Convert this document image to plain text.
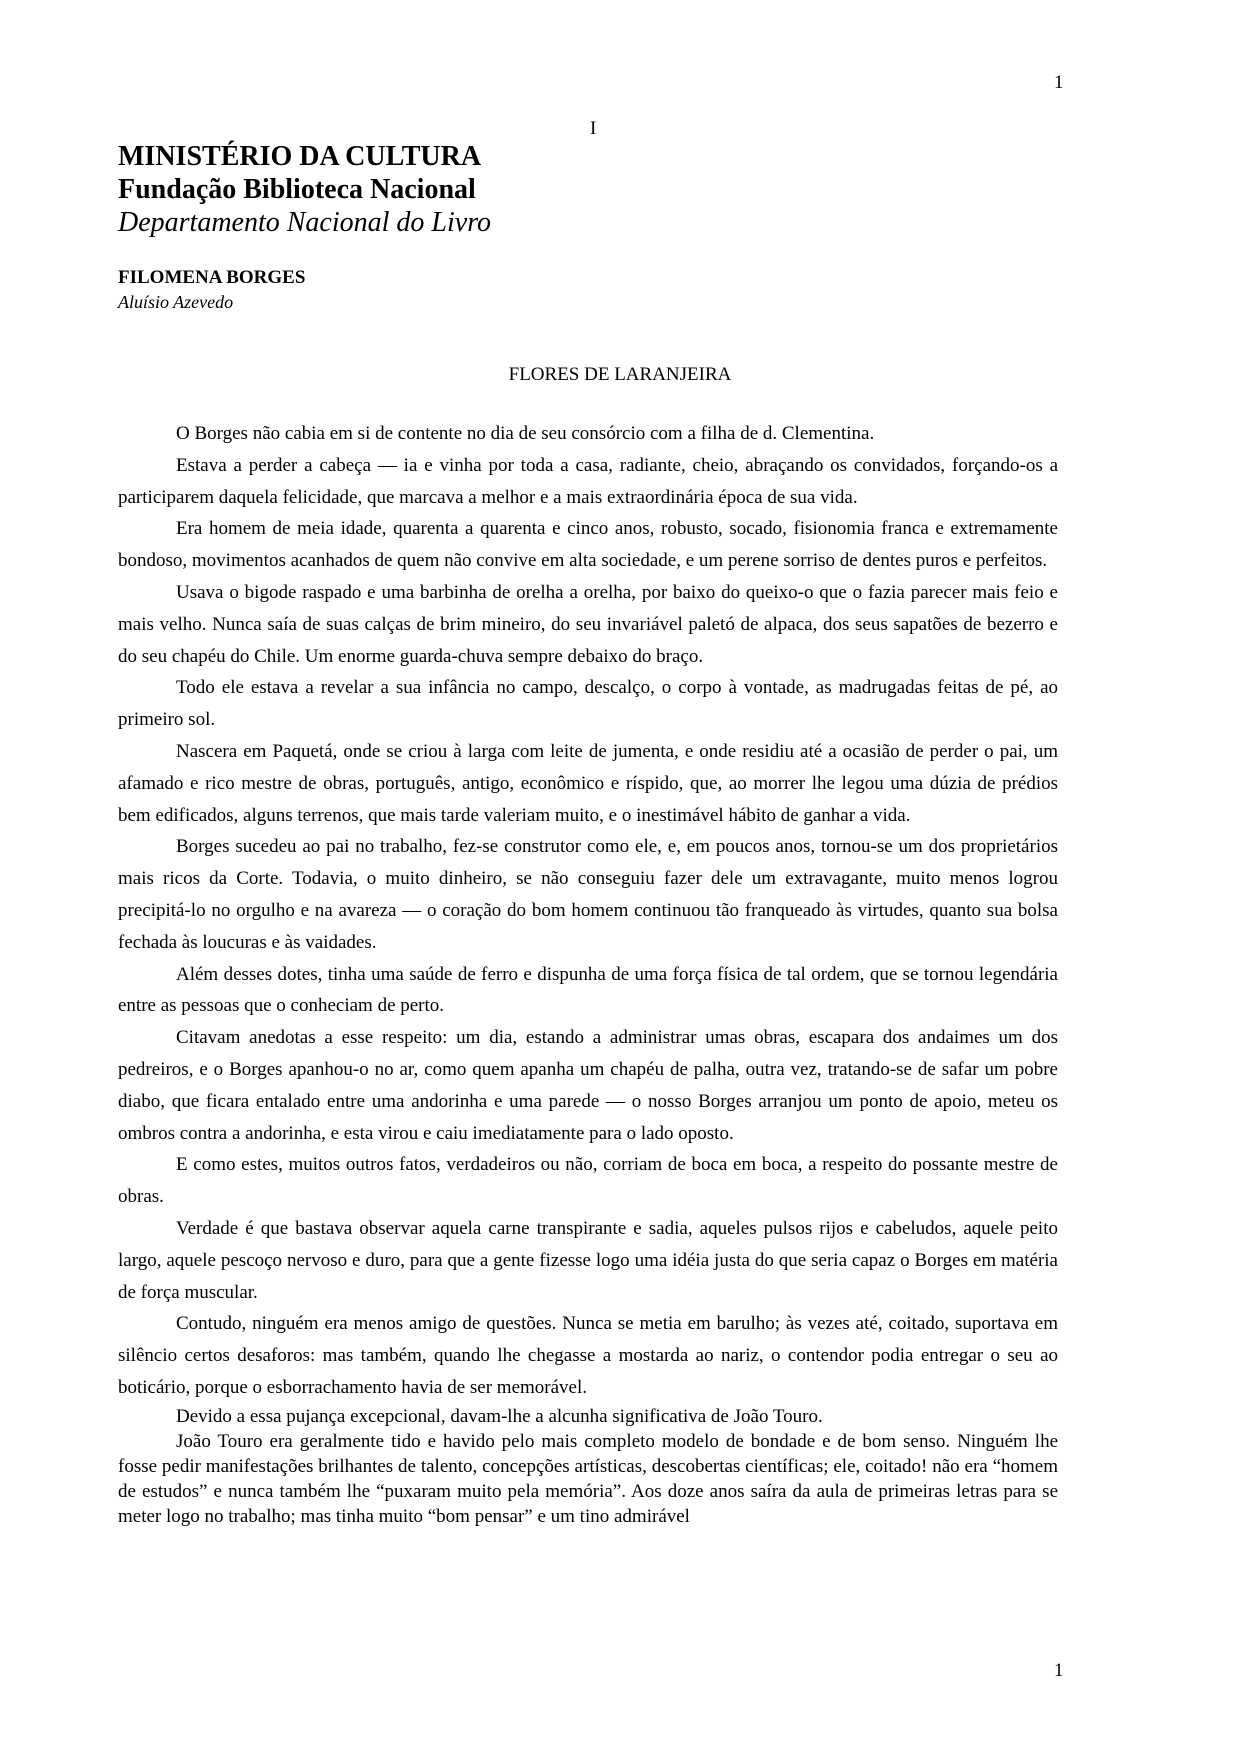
1
I
MINISTÉRIO DA CULTURA
Fundação Biblioteca Nacional
Departamento Nacional do Livro
FILOMENA BORGES
Aluísio Azevedo
FLORES DE LARANJEIRA

O Borges não cabia em si de contente no dia de seu consórcio com a filha de d. Clementina.

Estava a perder a cabeça — ia e vinha por toda a casa, radiante, cheio, abraçando os convidados, forçando-os a participarem daquela felicidade, que marcava a melhor e a mais extraordinária época de sua vida.

Era homem de meia idade, quarenta a quarenta e cinco anos, robusto, socado, fisionomia franca e extremamente bondoso, movimentos acanhados de quem não convive em alta sociedade, e um perene sorriso de dentes puros e perfeitos.

Usava o bigode raspado e uma barbinha de orelha a orelha, por baixo do queixo-o que o fazia parecer mais feio e mais velho. Nunca saía de suas calças de brim mineiro, do seu invariável paletó de alpaca, dos seus sapatões de bezerro e do seu chapéu do Chile. Um enorme guarda-chuva sempre debaixo do braço.

Todo ele estava a revelar a sua infância no campo, descalço, o corpo à vontade, as madrugadas feitas de pé, ao primeiro sol.

Nascera em Paquetá, onde se criou à larga com leite de jumenta, e onde residiu até a ocasião de perder o pai, um afamado e rico mestre de obras, português, antigo, econômico e ríspido, que, ao morrer lhe legou uma dúzia de prédios bem edificados, alguns terrenos, que mais tarde valeriam muito, e o inestimável hábito de ganhar a vida.

Borges sucedeu ao pai no trabalho, fez-se construtor como ele, e, em poucos anos, tornou-se um dos proprietários mais ricos da Corte. Todavia, o muito dinheiro, se não conseguiu fazer dele um extravagante, muito menos logrou precipitá-lo no orgulho e na avareza — o coração do bom homem continuou tão franqueado às virtudes, quanto sua bolsa fechada às loucuras e às vaidades.

Além desses dotes, tinha uma saúde de ferro e dispunha de uma força física de tal ordem, que se tornou legendária entre as pessoas que o conheciam de perto.

Citavam anedotas a esse respeito: um dia, estando a administrar umas obras, escapara dos andaimes um dos pedreiros, e o Borges apanhou-o no ar, como quem apanha um chapéu de palha, outra vez, tratando-se de safar um pobre diabo, que ficara entalado entre uma andorinha e uma parede — o nosso Borges arranjou um ponto de apoio, meteu os ombros contra a andorinha, e esta virou e caiu imediatamente para o lado oposto.

E como estes, muitos outros fatos, verdadeiros ou não, corriam de boca em boca, a respeito do possante mestre de obras.

Verdade é que bastava observar aquela carne transpirante e sadia, aqueles pulsos rijos e cabeludos, aquele peito largo, aquele pescoço nervoso e duro, para que a gente fizesse logo uma idéia justa do que seria capaz o Borges em matéria de força muscular.

Contudo, ninguém era menos amigo de questões. Nunca se metia em barulho; às vezes até, coitado, suportava em silêncio certos desaforos: mas também, quando lhe chegasse a mostarda ao nariz, o contendor podia entregar o seu ao boticário, porque o esborrachamento havia de ser memorável.

Devido a essa pujança excepcional, davam-lhe a alcunha significativa de João Touro.

João Touro era geralmente tido e havido pelo mais completo modelo de bondade e de bom senso. Ninguém lhe fosse pedir manifestações brilhantes de talento, concepções artísticas, descobertas científicas; ele, coitado! não era “homem de estudos” e nunca também lhe “puxaram muito pela memória”. Aos doze anos saíra da aula de primeiras letras para se meter logo no trabalho; mas tinha muito “bom pensar” e um tino admirável

1
